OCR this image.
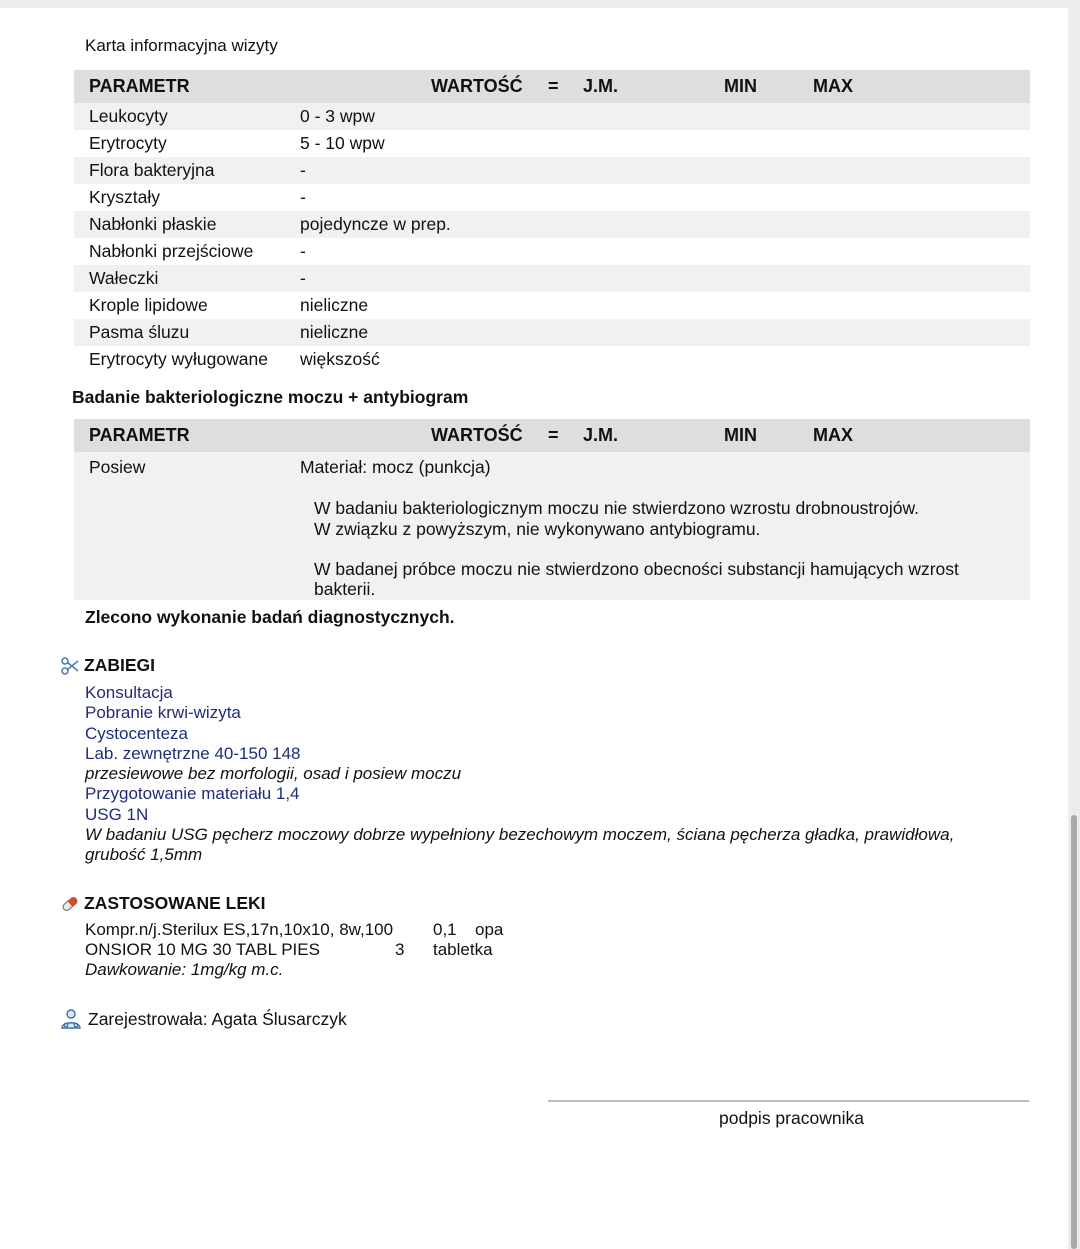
Karta informacyjna wizyty
PARAMETR	WARTOŚĆ = J.M.	MIN	MAX
Leukocyty	0 - 3 wpw
Erytrocyty	5 - 10 wpw
Flora bakteryjna	-
Kryształy	-
Nabłonki płaskie	pojedyncze w prep.
Nabłonki przejściowe	-
Wałeczki	-
Krople lipidowe	nieliczne
Pasma śluzu	nieliczne
Erytrocyty wyługowane większość
Badanie bakteriologiczne moczu + antybiogram
PARAMETR	WARTOŚĆ = J.M.	MIN	MAX
Posiew	Materiał: mocz (punkcja)
W badaniu bakteriologicznym moczu nie stwierdzono wzrostu drobnoustrojów.
W związku z powyższym, nie wykonywano antybiogramu.
W badanej próbce moczu nie stwierdzono obecności substancji hamujących wzrost
bakterii.
Zlecono wykonanie badań diagnostycznych.
ZABIEGI
Konsultacja
Pobranie krwi-wizyta
Cystocenteza
Lab. zewnętrzne 40-150 148
przesiewowe bez morfologii, osad i posiew moczu
Przygotowanie materiału 1,4
USG 1N
W badaniu USG pęcherz moczowy dobrze wypełniony bezechowym moczem, ściana pęcherza gładka, prawidłowa,
grubość 1,5mm
ZASTOSOWANE LEKI
Kompr.n/j.Sterilux ES,17n,10x10, 8w,100 0,1 opa
ONSIOR 10 MG 30 TABL PIES	3 tabletka
Dawkowanie: 1mg/kg m.c.
Zarejestrowała: Agata Ślusarczyk
podpis pracownika
